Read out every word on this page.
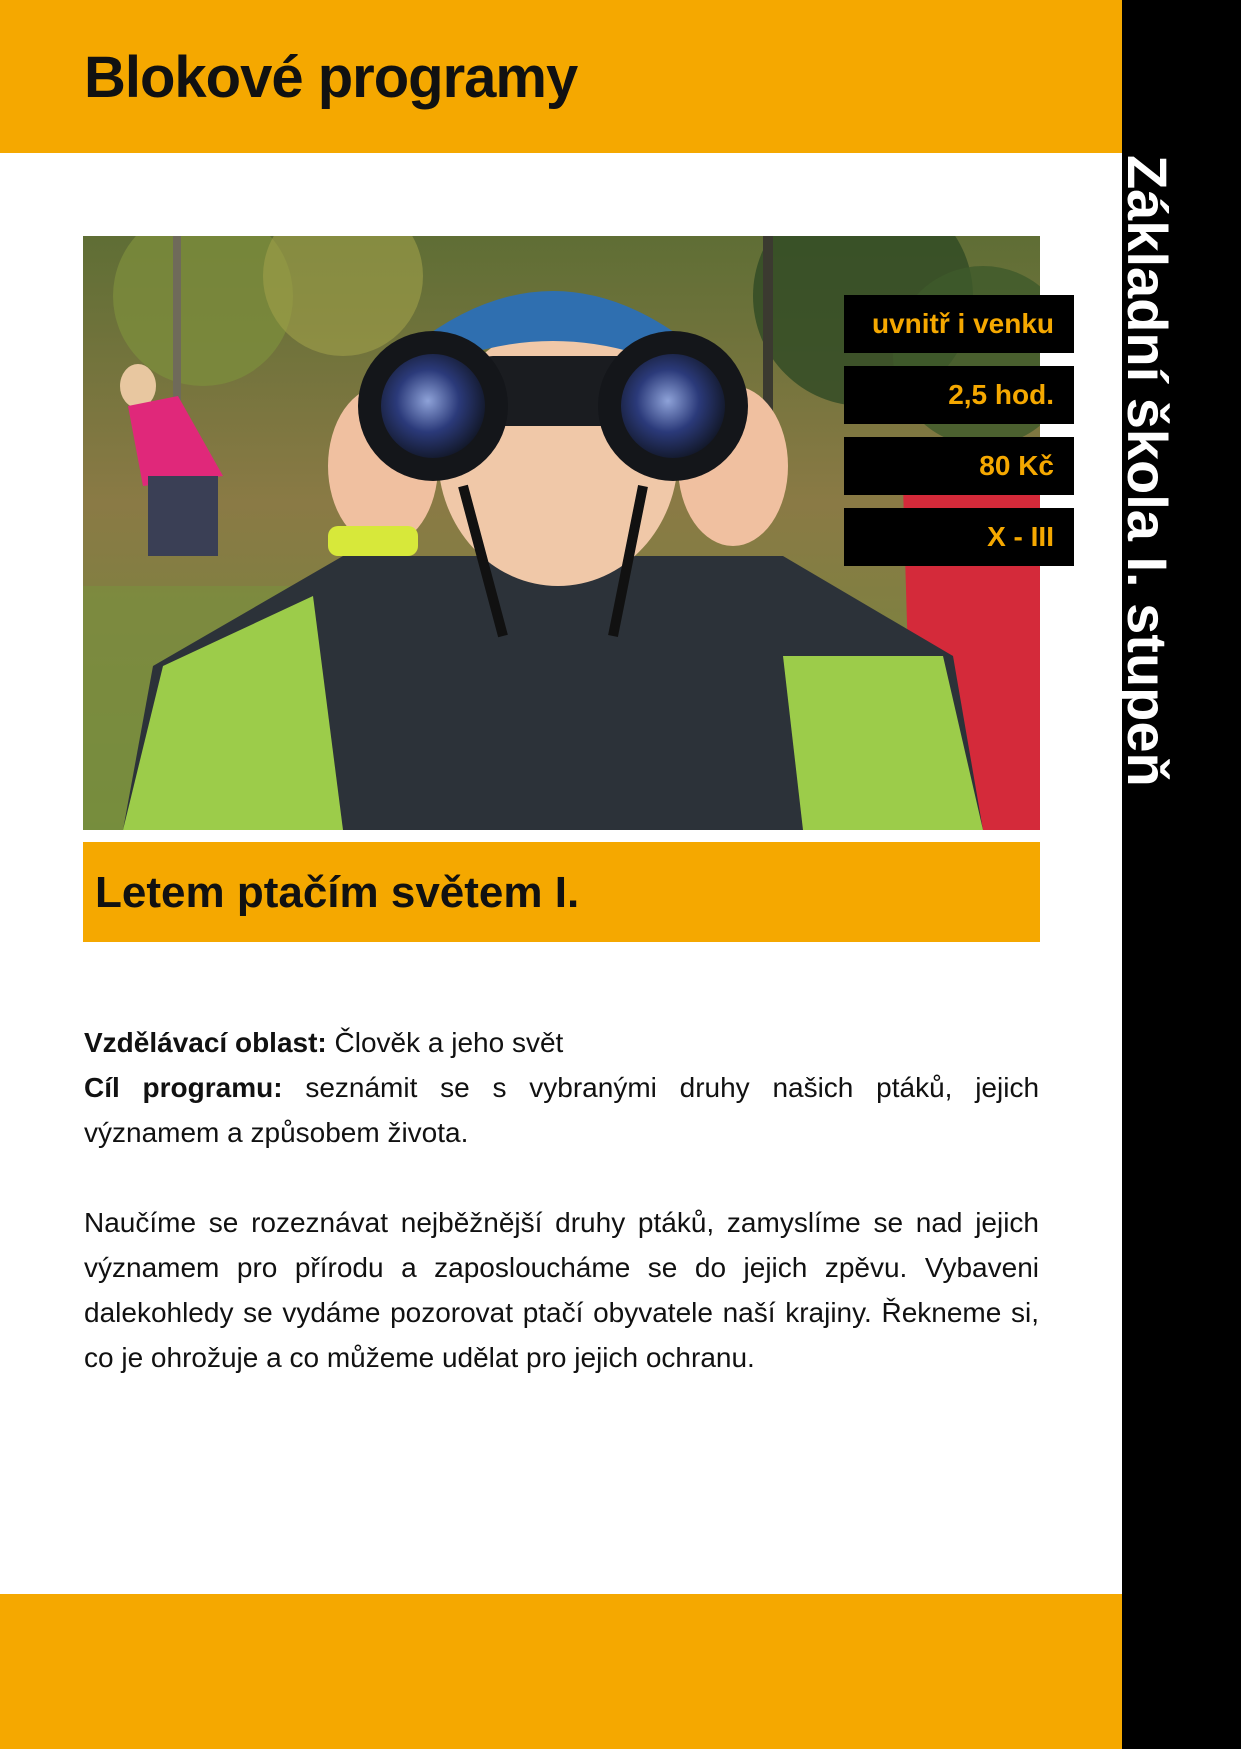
Blokové programy
Základní škola I. stupeň
uvnitř i venku
2,5 hod.
80 Kč
X - III
Letem ptačím světem I.

Vzdělávací oblast: Člověk a jeho svět

Cíl programu: seznámit se s vybranými druhy našich ptáků, jejich významem a způsobem života.

Naučíme se rozeznávat nejběžnější druhy ptáků, zamyslíme se nad jejich významem pro přírodu a zaposloucháme se do jejich zpěvu. Vybaveni dalekohledy se vydáme pozorovat ptačí obyvatele naší krajiny. Řekneme si, co je ohrožuje a co můžeme udělat pro jejich ochranu.
